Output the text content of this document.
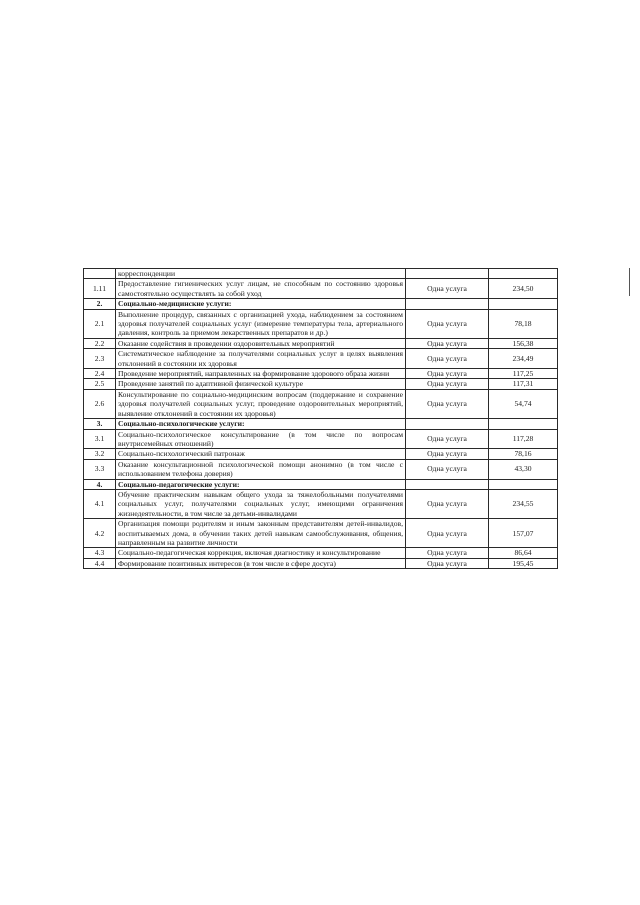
	корреспонденции		
1.11	Предоставление гигиенических услуг лицам, не способным по состоянию здоровья самостоятельно осуществлять за собой уход	Одна услуга	234,50
2.	Социально-медицинские услуги:		
2.1	Выполнение процедур, связанных с организацией ухода, наблюдением за состоянием здоровья получателей социальных услуг (измерение температуры тела, артериального давления, контроль за приемом лекарственных препаратов и др.)	Одна услуга	78,18
2.2	Оказание содействия в проведении оздоровительных мероприятий	Одна услуга	156,38
2.3	Систематическое наблюдение за получателями социальных услуг в целях выявления отклонений в состоянии их здоровья	Одна услуга	234,49
2.4	Проведение мероприятий, направленных на формирование здорового образа жизни	Одна услуга	117,25
2.5	Проведение занятий по адаптивной физической культуре	Одна услуга	117,31
2.6	Консультирование по социально-медицинским вопросам (поддержание и сохранение здоровья получателей социальных услуг, проведение оздоровительных мероприятий, выявление отклонений в состоянии их здоровья)	Одна услуга	54,74
3.	Социально-психологические услуги:		
3.1	Социально-психологическое консультирование (в том числе по вопросам внутрисемейных отношений)	Одна услуга	117,28
3.2	Социально-психологический патронаж	Одна услуга	78,16
3.3	Оказание консультационной психологической помощи анонимно (в том числе с использованием телефона доверия)	Одна услуга	43,30
4.	Социально-педагогические услуги:		
4.1	Обучение практическим навыкам общего ухода за тяжелобольными получателями социальных услуг, получателями социальных услуг, имеющими ограничения жизнедеятельности, в том числе за детьми-инвалидами	Одна услуга	234,55
4.2	Организация помощи родителям и иным законным представителям детей-инвалидов, воспитываемых дома, в обучении таких детей навыкам самообслуживания, общения, направленным на развитие личности	Одна услуга	157,07
4.3	Социально-педагогическая коррекция, включая диагностику и консультирование	Одна услуга	86,64
4.4	Формирование позитивных интересов (в том числе в сфере досуга)	Одна услуга	195,45
